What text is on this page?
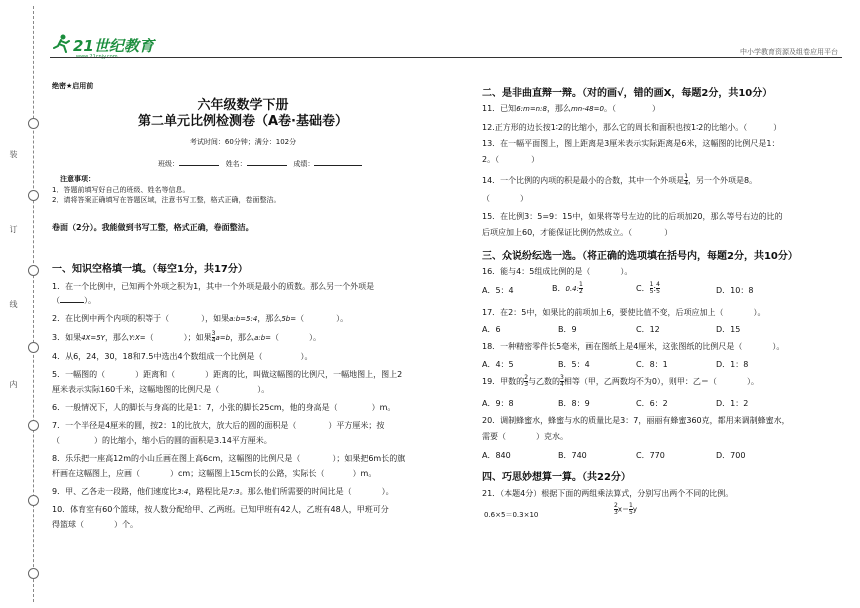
装
订
线
内
21世纪教育
www.21cnjy.com
中小学教育资源及组卷应用平台
绝密★启用前
六年级数学下册
第二单元比例检测卷（A卷·基础卷）
考试时间：60分钟；满分：102分
班级：	姓名：	成绩：
注意事项：
1．答题前填写好自己的班级、姓名等信息。
2．请将答案正确填写在答题区域，注意书写工整，格式正确，卷面整洁。
卷面（2分）。我能做到书写工整，格式正确，卷面整洁。
一、知识空格填一填。（每空1分，共17分）
1．在一个比例中，已知两个外项之积为1，其中一个外项是最小的质数。那么另一个外项是
（	）。
2．在比例中两个内项的积等于（	），如果a:b=5:4，那么5b=（	）。
3．如果4X=5Y，那么Y:X=（	）；如果 $\frac{3}{4} a=b$，那么a:b=（	）。
4．从6，24，30，18和7.5中选出4个数组成一个比例是（	）。
5．一幅图的（	）距离和（	）距离的比，叫做这幅图的比例尺，一幅地图上，图上2
厘米表示实际160千米，这幅地图的比例尺是（	）。
6．一般情况下，人的脚长与身高的比是1：7，小张的脚长25cm，他的身高是（	）m。
7．一个半径是4厘米的圆，按2：1的比放大，放大后的圆的面积是（	）平方厘米；按
（	）的比缩小，缩小后的圆的面积是3.14平方厘米。
8．乐乐把一座高12m的小山丘画在图上高6cm，这幅图的比例尺是（	）；如果把6m长的旗
杆画在这幅图上，应画（	）cm；这幅图上15cm长的公路，实际长（	）m。
9．甲、乙各走一段路，他们速度比3:4，路程比是7:3。那么他们所需要的时间比是（	）。
10．体育室有60个篮球，按人数分配给甲、乙两班。已知甲班有42人，乙班有48人，甲班可分
得篮球（	）个。
二、是非曲直辩一辩。（对的画√，错的画X，每题2分，共10分）
11．已知6:m=n:8，那么mn-48=0。（	）
12.正方形的边长按1∶2的比缩小，那么它的周长和面积也按1∶2的比缩小。（	）
13．在一幅平面图上，图上距离是3厘米表示实际距离是6米，这幅图的比例尺是1：
2。（	）
14．一个比例的内项的积是最小的合数，其中一个外项是 $\frac{1}{4}$ ，另一个外项是8。
（	）
15．在比例3：5=9：15中，如果将等号左边的比的后项加20，那么等号右边的比的
后项应加上60，才能保证比例仍然成立。（	）
三、众说纷纭选一选。（将正确的选项填在括号内，每题2分，共10分）
16．能与4：5组成比例的是（	）。
A．5：4	B．0.4: $\frac{1}{2}$	C． $\frac{1}{5}$ : $\frac{4}{5}$	D．10：8
17．在2：5中，如果比的前项加上6，要使比值不变，后项应加上（	）。
A．6	B．9	C．12	D．15
18．一种精密零件长5毫米，画在图纸上是4厘米，这张图纸的比例尺是（	）。
A．4：5	B．5：4	C．8：1	D．1：8
19．甲数的 $\frac{2}{3}$ 与乙数的 $\frac{3}{4}$ 相等（甲，乙两数均不为0），则甲：乙＝（	）。
A．9：8	B．8：9	C．6：2	D．1：2
20．调制蜂蜜水，蜂蜜与水的质量比是3：7，丽丽有蜂蜜360克，都用来调制蜂蜜水，
需要（	）克水。
A．840	B．740	C．770	D．700
四、巧思妙想算一算。（共22分）
21．（本题4分）根据下面的两组乘法算式，分别写出两个不同的比例。
0.6×5＝0.3×10	$\frac{2}{3} x= \frac{1}{5}$ y
